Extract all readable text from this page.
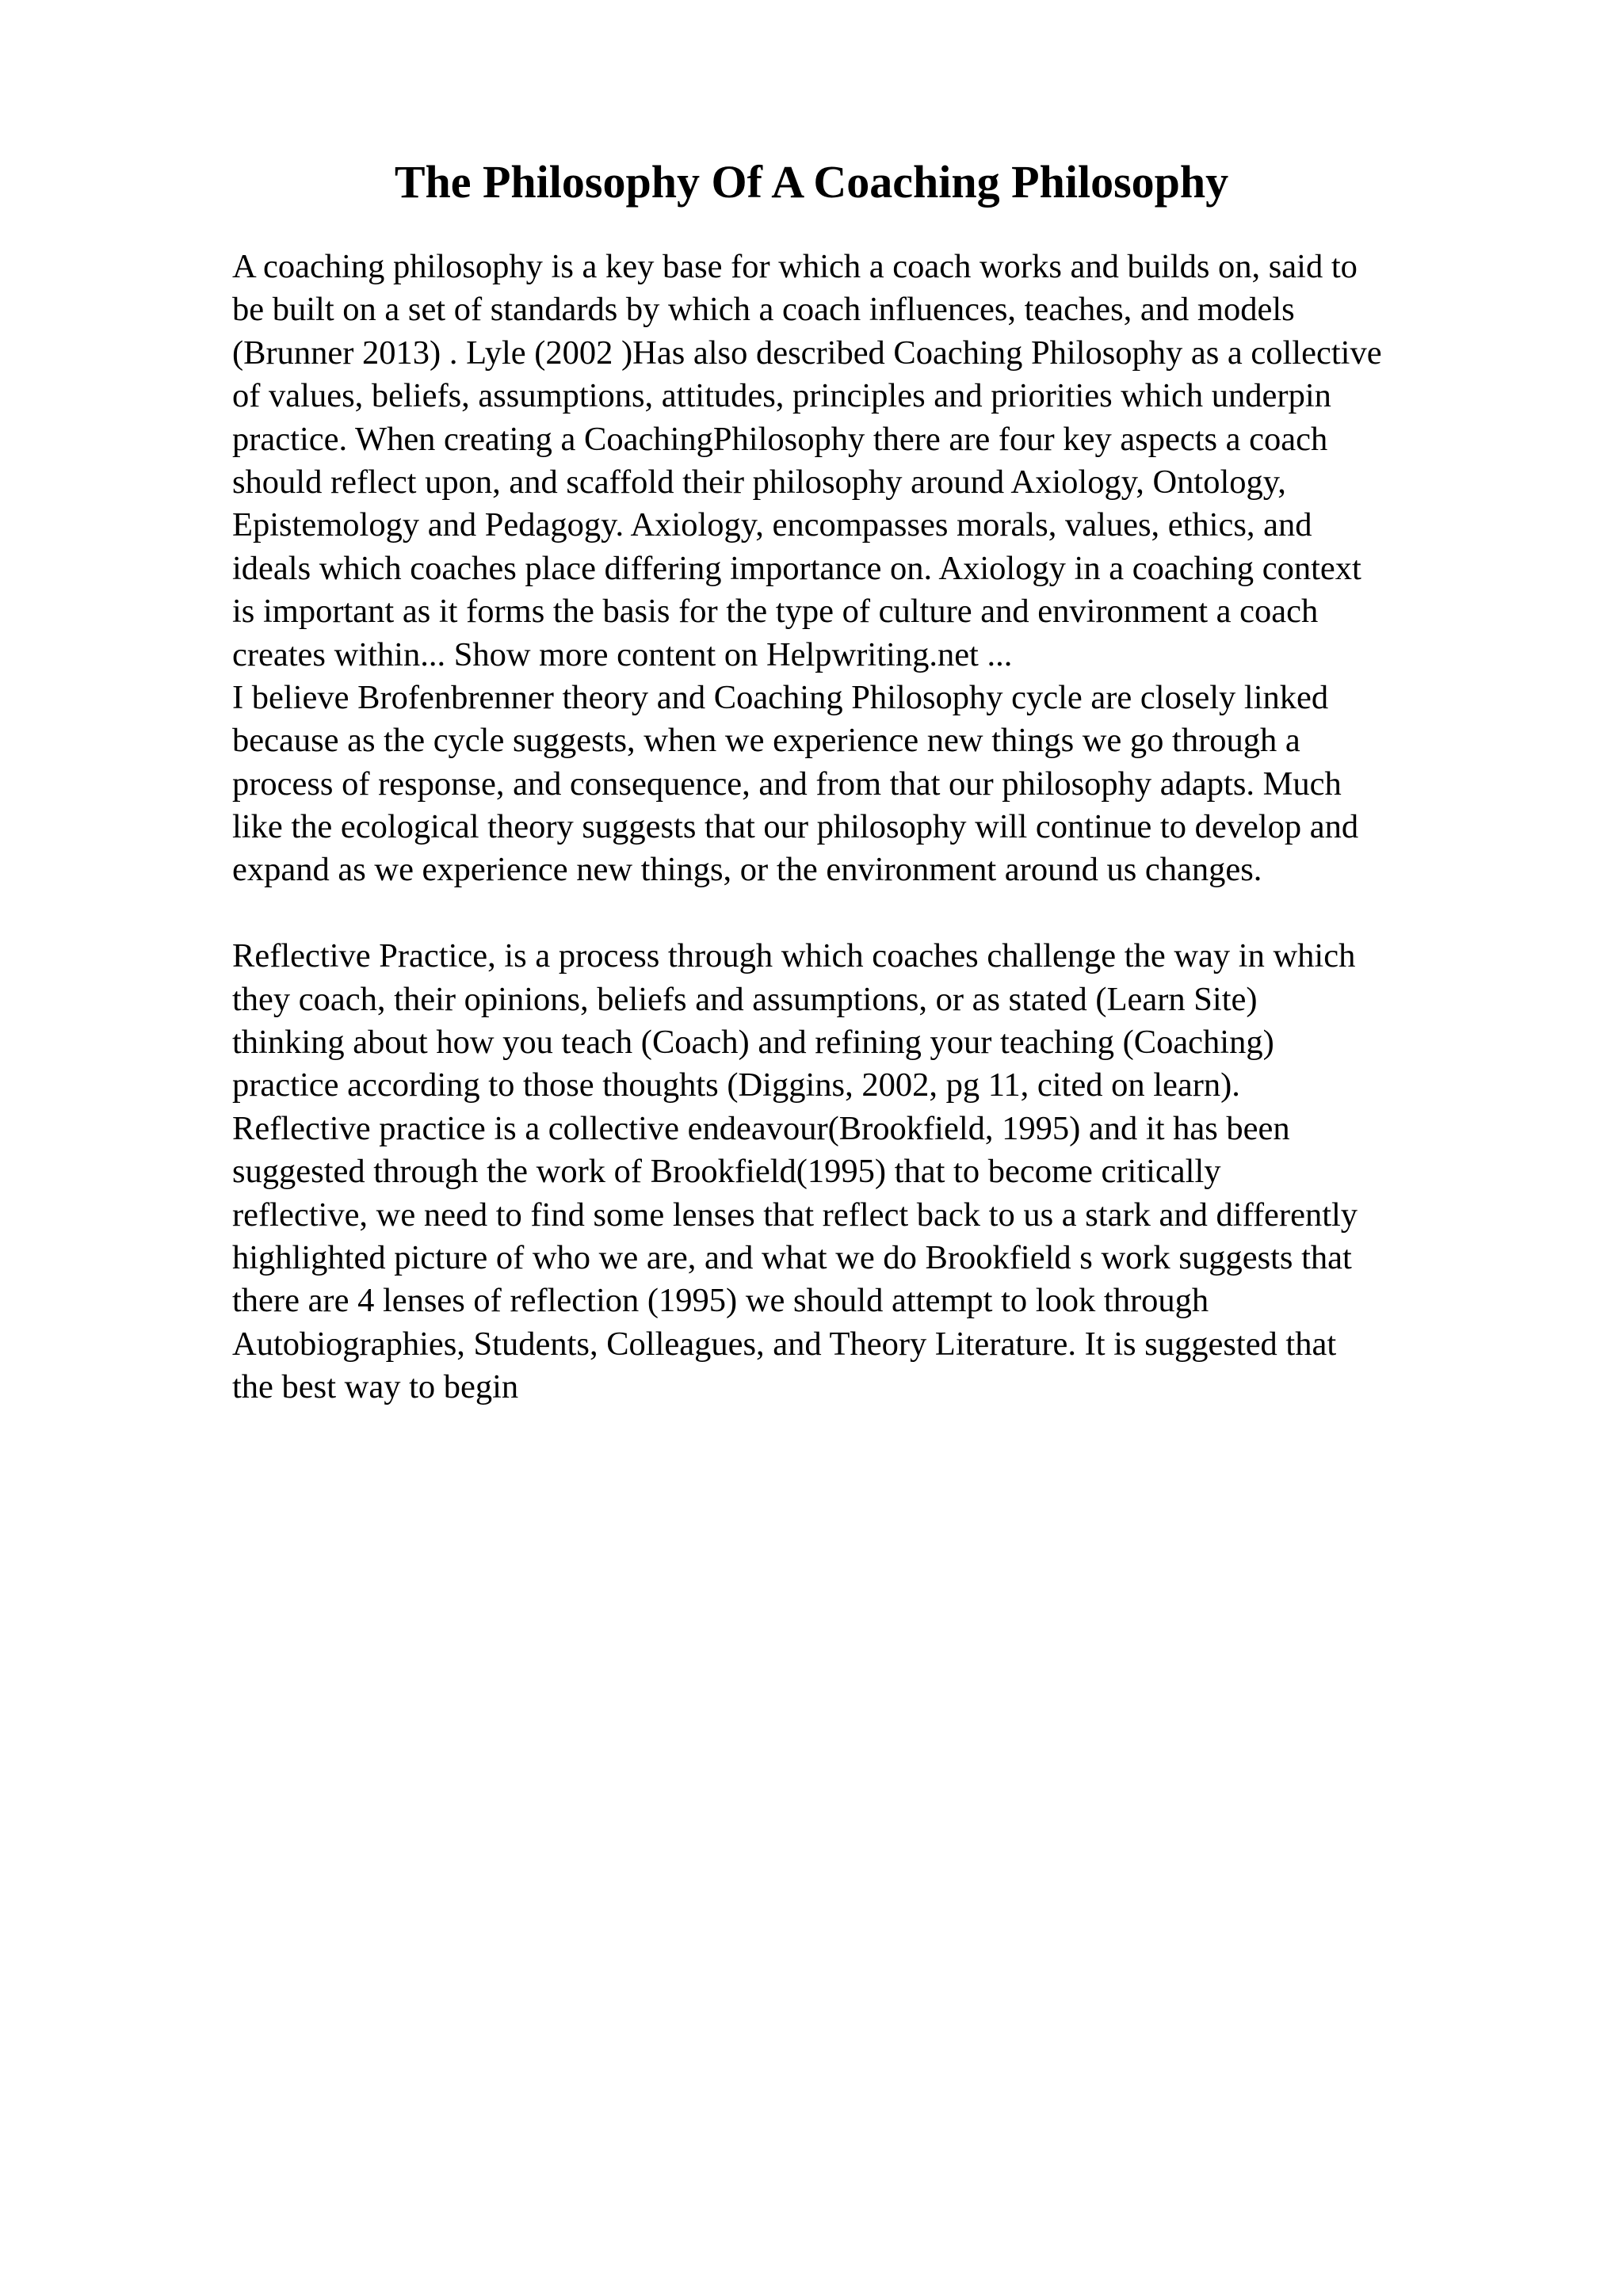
The Philosophy Of A Coaching Philosophy
A coaching philosophy is a key base for which a coach works and builds on, said to
be built on a set of standards by which a coach influences, teaches, and models
(Brunner 2013) . Lyle (2002 )Has also described Coaching Philosophy as a collective
of values, beliefs, assumptions, attitudes, principles and priorities which underpin
practice. When creating a CoachingPhilosophy there are four key aspects a coach
should reflect upon, and scaffold their philosophy around Axiology, Ontology,
Epistemology and Pedagogy. Axiology, encompasses morals, values, ethics, and
ideals which coaches place differing importance on. Axiology in a coaching context
is important as it forms the basis for the type of culture and environment a coach
creates within... Show more content on Helpwriting.net ...
I believe Brofenbrenner theory and Coaching Philosophy cycle are closely linked
because as the cycle suggests, when we experience new things we go through a
process of response, and consequence, and from that our philosophy adapts. Much
like the ecological theory suggests that our philosophy will continue to develop and
expand as we experience new things, or the environment around us changes.
Reflective Practice, is a process through which coaches challenge the way in which
they coach, their opinions, beliefs and assumptions, or as stated (Learn Site)
thinking about how you teach (Coach) and refining your teaching (Coaching)
practice according to those thoughts (Diggins, 2002, pg 11, cited on learn).
Reflective practice is a collective endeavour(Brookfield, 1995) and it has been
suggested through the work of Brookfield(1995) that to become critically
reflective, we need to find some lenses that reflect back to us a stark and differently
highlighted picture of who we are, and what we do Brookfield s work suggests that
there are 4 lenses of reflection (1995) we should attempt to look through
Autobiographies, Students, Colleagues, and Theory Literature. It is suggested that
the best way to begin
